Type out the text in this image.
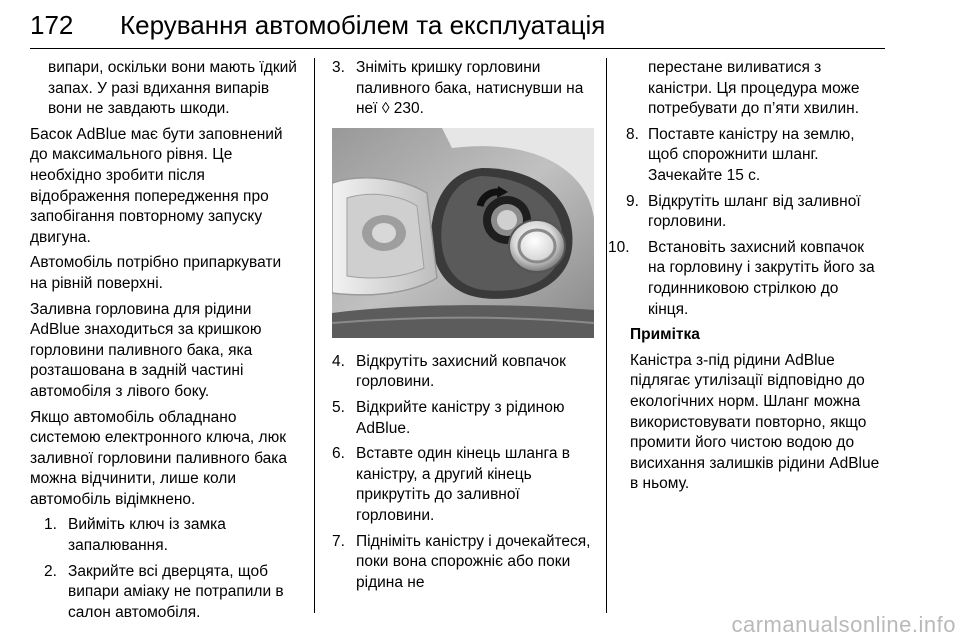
172 Керування автомобілем та експлуатація

випари, оскільки вони мають їдкий запах. У разі вдихання випарів вони не завдають шкоди.

Басок AdBlue має бути заповнений до максимального рівня. Це необхідно зробити після відображення попередження про запобігання повторному запуску двигуна.

Автомобіль потрібно припаркувати на рівній поверхні.

Заливна горловина для рідини AdBlue знаходиться за кришкою горловини паливного бака, яка розташована в задній частині автомобіля з лівого боку.

Якщо автомобіль обладнано системою електронного ключа, люк заливної горловини паливного бака можна відчинити, лише коли автомобіль відімкнено.

1. Вийміть ключ із замка запалювання.
2. Закрийте всі дверцята, щоб випари аміаку не потрапили в салон автомобіля.
3. Зніміть кришку горловини паливного бака, натиснувши на неї ◊ 230.
4. Відкрутіть захисний ковпачок горловини.
5. Відкрийте каністру з рідиною AdBlue.
6. Вставте один кінець шланга в каністру, а другий кінець прикрутіть до заливної горловини.
7. Підніміть каністру і дочекайтеся, поки вона спорожніє або поки рідина не

перестане виливатися з каністри. Ця процедура може потребувати до п’яти хвилин.

8. Поставте каністру на землю, щоб спорожнити шланг. Зачекайте 15 с.
9. Відкрутіть шланг від заливної горловини.
10. Встановіть захисний ковпачок на горловину і закрутіть його за годинниковою стрілкою до кінця.

Примітка

Каністра з-під рідини AdBlue підлягає утилізації відповідно до екологічних норм. Шланг можна використовувати повторно, якщо промити його чистою водою до висихання залишків рідини AdBlue в ньому.

carmanualsonline.info
